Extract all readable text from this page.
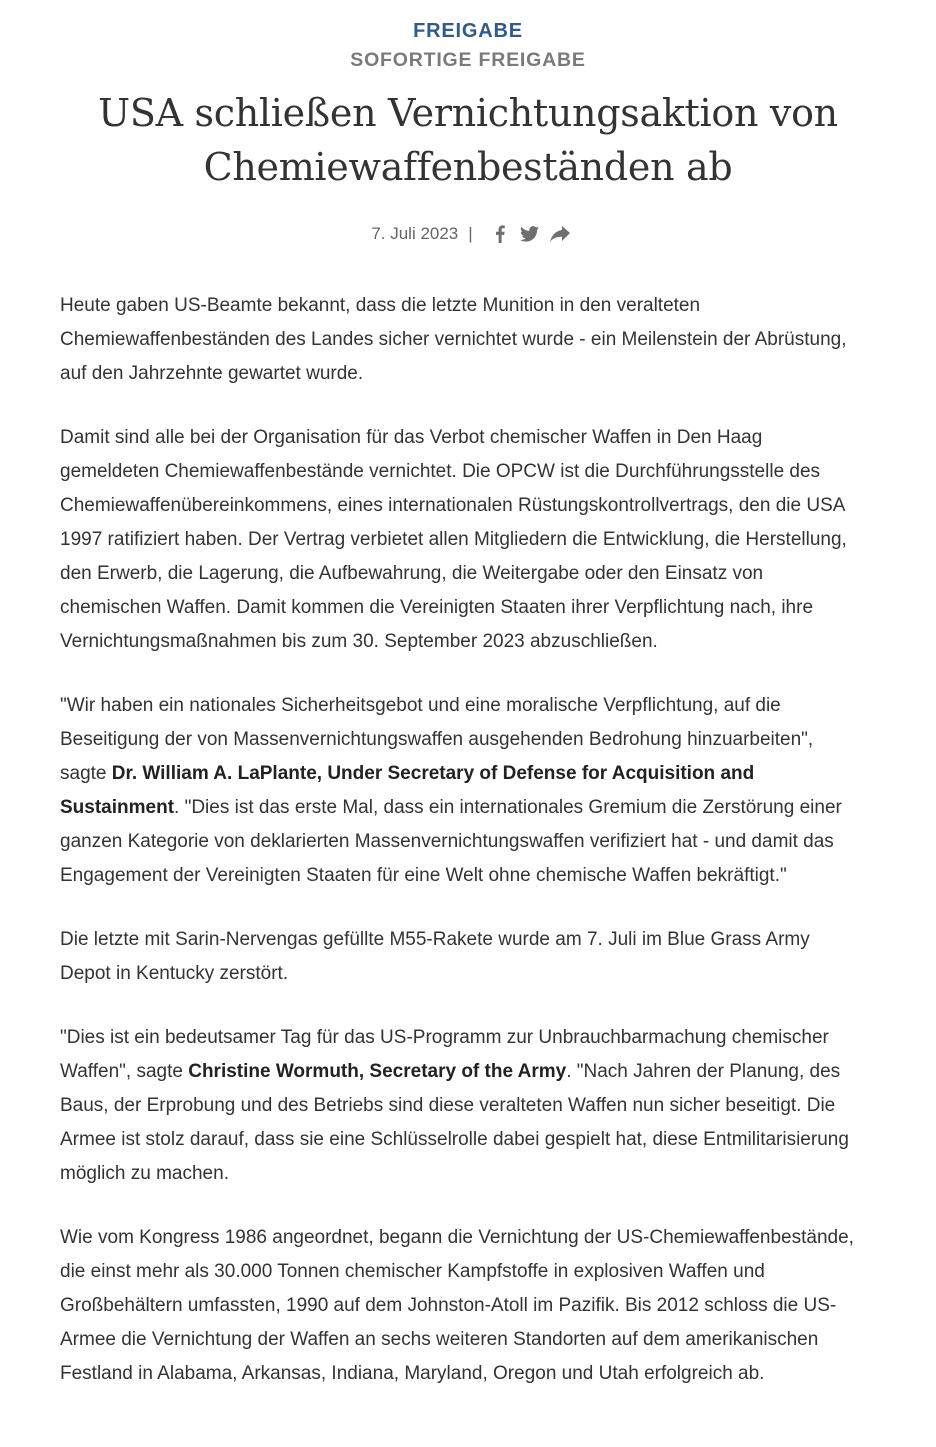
FREIGABE
SOFORTIGE FREIGABE
USA schließen Vernichtungsaktion von
Chemiewaffenbeständen ab
7. Juli 2023 |

Heute gaben US-Beamte bekannt, dass die letzte Munition in den veralteten Chemiewaffenbeständen des Landes sicher vernichtet wurde - ein Meilenstein der Abrüstung, auf den Jahrzehnte gewartet wurde.

Damit sind alle bei der Organisation für das Verbot chemischer Waffen in Den Haag gemeldeten Chemiewaffenbestände vernichtet. Die OPCW ist die Durchführungsstelle des Chemiewaffenübereinkommens, eines internationalen Rüstungskontrollvertrags, den die USA 1997 ratifiziert haben. Der Vertrag verbietet allen Mitgliedern die Entwicklung, die Herstellung, den Erwerb, die Lagerung, die Aufbewahrung, die Weitergabe oder den Einsatz von chemischen Waffen. Damit kommen die Vereinigten Staaten ihrer Verpflichtung nach, ihre Vernichtungsmaßnahmen bis zum 30. September 2023 abzuschließen.

"Wir haben ein nationales Sicherheitsgebot und eine moralische Verpflichtung, auf die Beseitigung der von Massenvernichtungswaffen ausgehenden Bedrohung hinzuarbeiten", sagte Dr. William A. LaPlante, Under Secretary of Defense for Acquisition and Sustainment. "Dies ist das erste Mal, dass ein internationales Gremium die Zerstörung einer ganzen Kategorie von deklarierten Massenvernichtungswaffen verifiziert hat - und damit das Engagement der Vereinigten Staaten für eine Welt ohne chemische Waffen bekräftigt."

Die letzte mit Sarin-Nervengas gefüllte M55-Rakete wurde am 7. Juli im Blue Grass Army Depot in Kentucky zerstört.

"Dies ist ein bedeutsamer Tag für das US-Programm zur Unbrauchbarmachung chemischer Waffen", sagte Christine Wormuth, Secretary of the Army. "Nach Jahren der Planung, des Baus, der Erprobung und des Betriebs sind diese veralteten Waffen nun sicher beseitigt. Die Armee ist stolz darauf, dass sie eine Schlüsselrolle dabei gespielt hat, diese Entmilitarisierung möglich zu machen.

Wie vom Kongress 1986 angeordnet, begann die Vernichtung der US-Chemiewaffenbestände, die einst mehr als 30.000 Tonnen chemischer Kampfstoffe in explosiven Waffen und Großbehältern umfassten, 1990 auf dem Johnston-Atoll im Pazifik. Bis 2012 schloss die US-Armee die Vernichtung der Waffen an sechs weiteren Standorten auf dem amerikanischen Festland in Alabama, Arkansas, Indiana, Maryland, Oregon und Utah erfolgreich ab.
